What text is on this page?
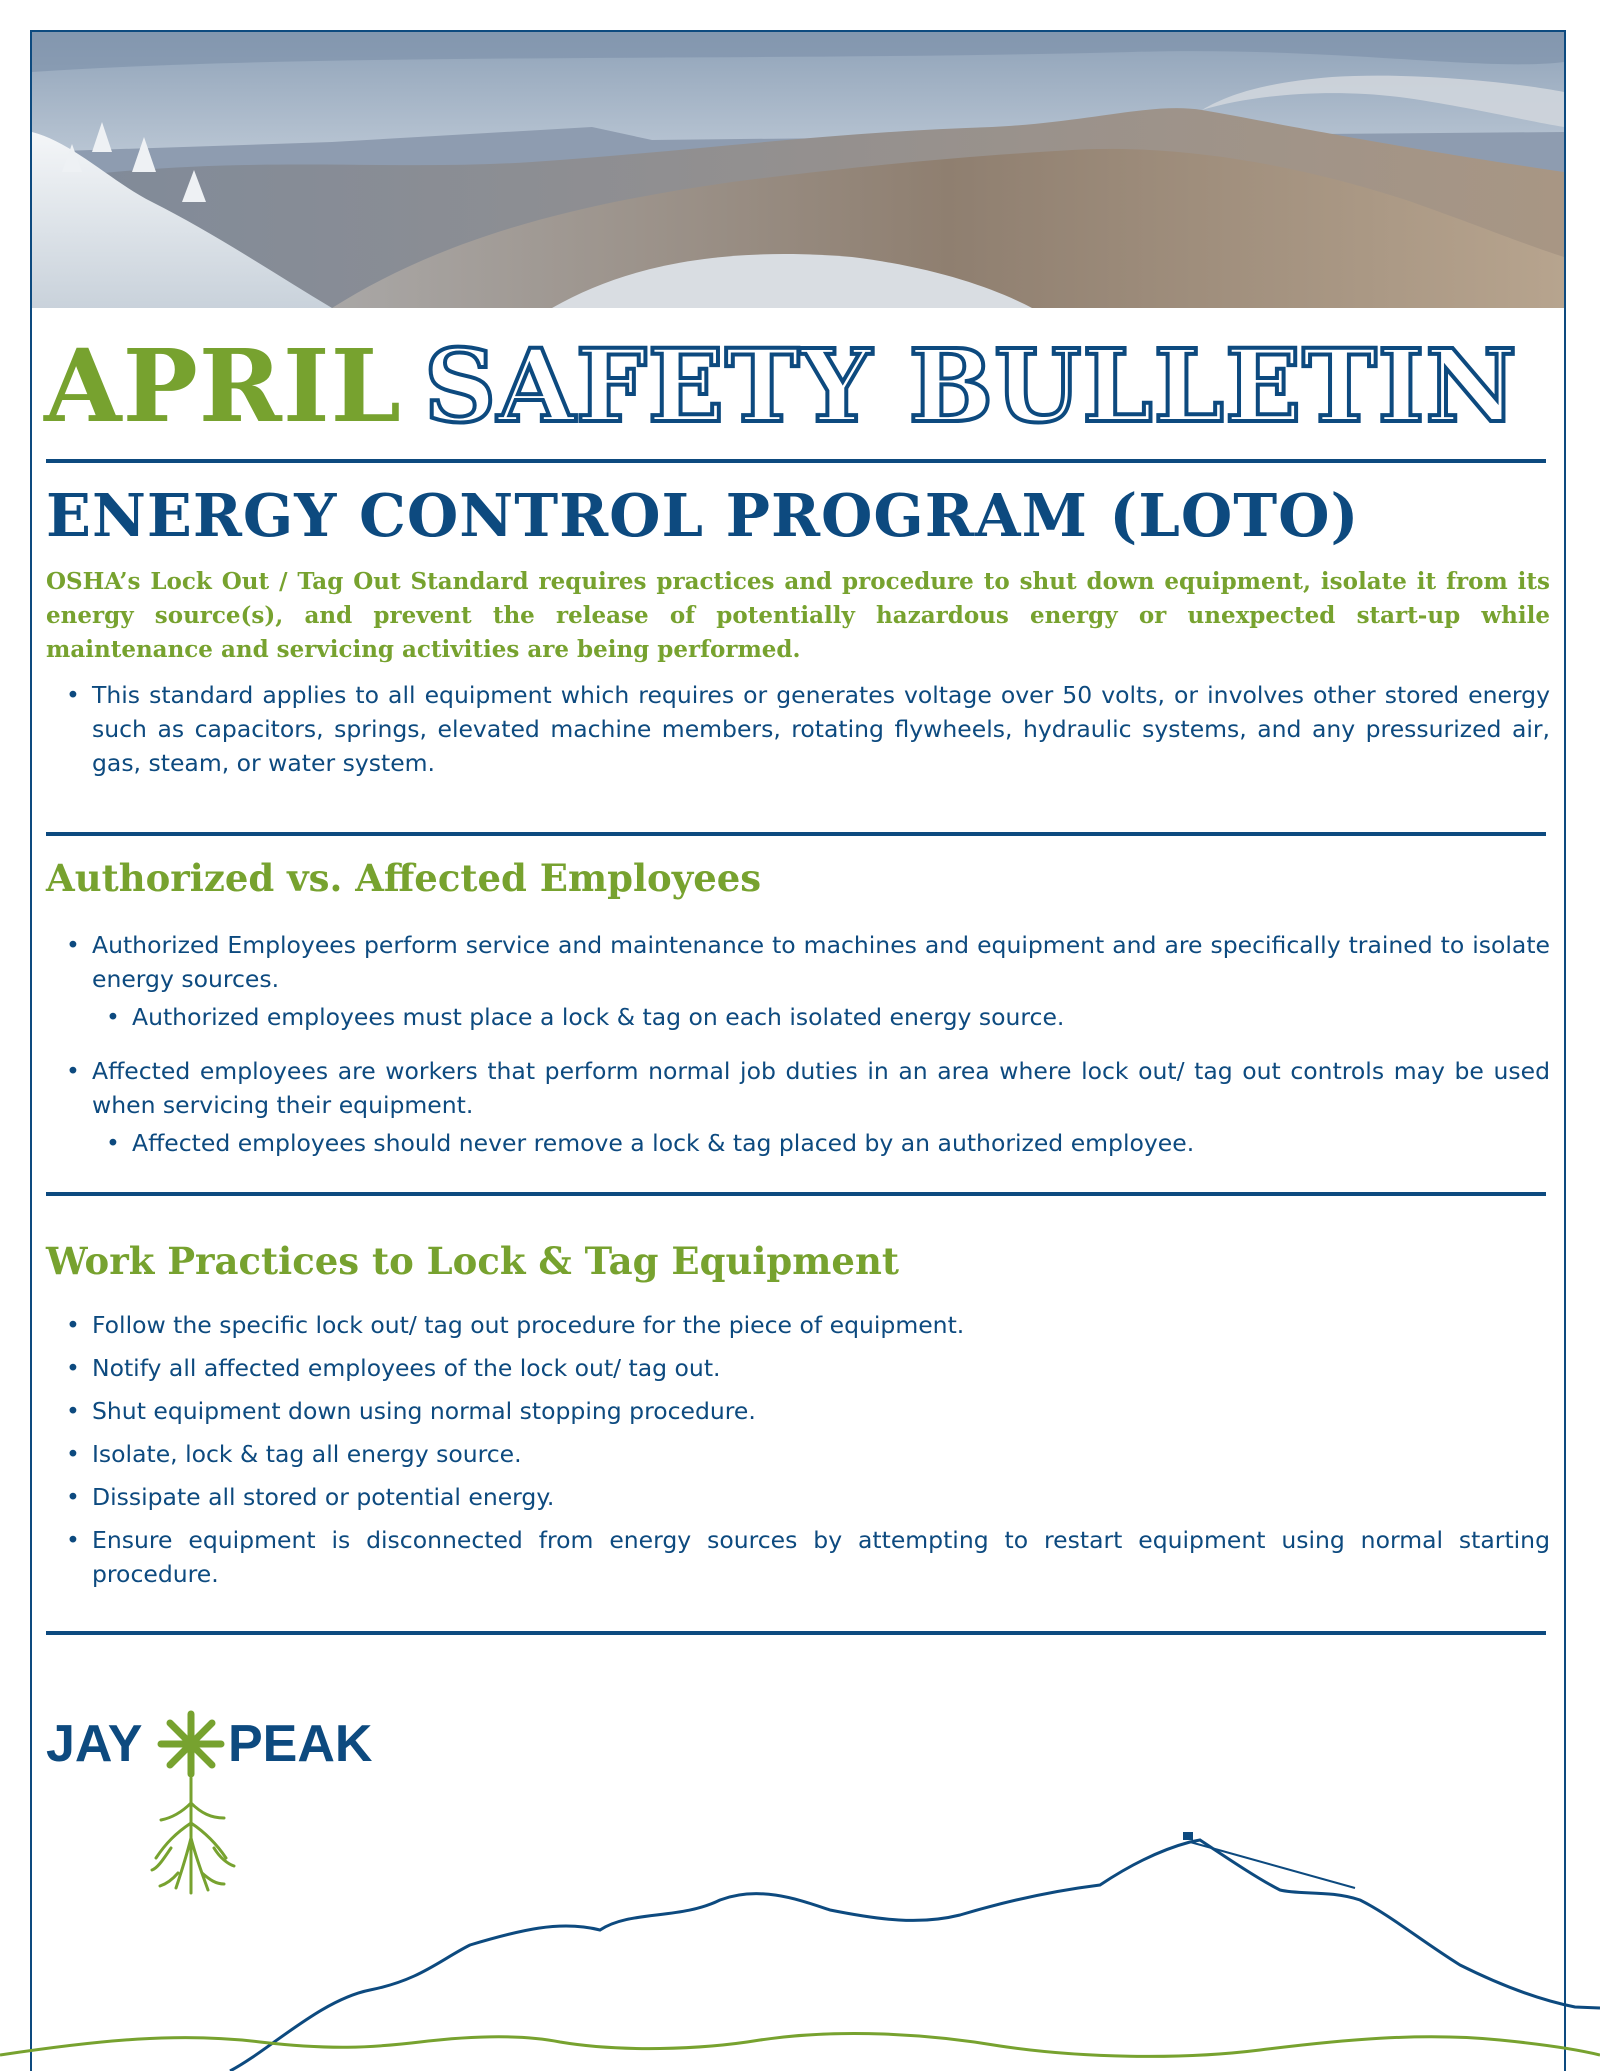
APRIL SAFETY BULLETIN
ENERGY CONTROL PROGRAM (LOTO)
OSHA’s Lock Out / Tag Out Standard requires practices and procedure to shut down equipment, isolate it from its energy source(s), and prevent the release of potentially hazardous energy or unexpected start-up while maintenance and servicing activities are being performed.
• This standard applies to all equipment which requires or generates voltage over 50 volts, or involves other stored energy such as capacitors, springs, elevated machine members, rotating flywheels, hydraulic systems, and any pressurized air, gas, steam, or water system.
Authorized vs. Affected Employees
• Authorized Employees perform service and maintenance to machines and equipment and are specifically trained to isolate energy sources.
• Authorized employees must place a lock & tag on each isolated energy source.
• Affected employees are workers that perform normal job duties in an area where lock out/ tag out controls may be used when servicing their equipment.
• Affected employees should never remove a lock & tag placed by an authorized employee.
Work Practices to Lock & Tag Equipment
• Follow the specific lock out/ tag out procedure for the piece of equipment.
• Notify all affected employees of the lock out/ tag out.
• Shut equipment down using normal stopping procedure.
• Isolate, lock & tag all energy source.
• Dissipate all stored or potential energy.
• Ensure equipment is disconnected from energy sources by attempting to restart equipment using normal starting procedure.
JAY PEAK
